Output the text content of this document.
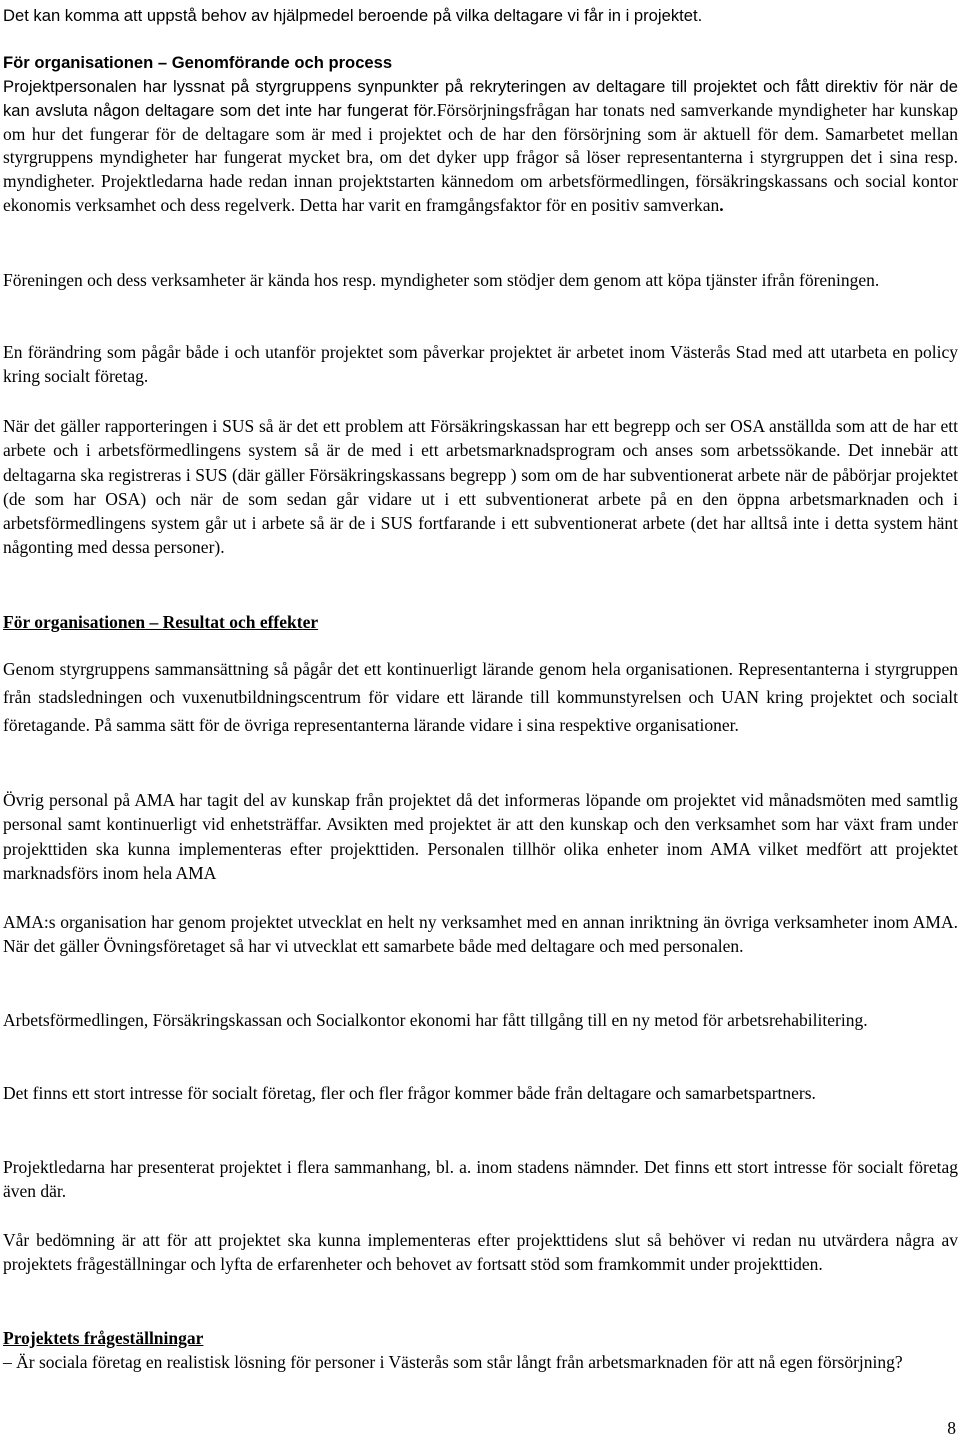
Det kan komma att uppstå behov av hjälpmedel beroende på vilka deltagare vi får in i projektet.

För organisationen – Genomförande och process

Projektpersonalen har lyssnat på styrgruppens synpunkter på rekryteringen av deltagare till projektet och fått direktiv för när de kan avsluta någon deltagare som det inte har fungerat för.Försörjningsfrågan har tonats ned samverkande myndigheter har kunskap om hur det fungerar för de deltagare som är med i projektet och de har den försörjning som är aktuell för dem. Samarbetet mellan styrgruppens myndigheter har fungerat mycket bra, om det dyker upp frågor så löser representanterna i styrgruppen det i sina resp. myndigheter. Projektledarna hade redan innan projektstarten kännedom om arbetsförmedlingen, försäkringskassans och social kontor ekonomis verksamhet och dess regelverk. Detta har varit en framgångsfaktor för en positiv samverkan.

Föreningen och dess verksamheter är kända hos resp. myndigheter som stödjer dem genom att köpa tjänster ifrån föreningen.

En förändring som pågår både i och utanför projektet som påverkar projektet är arbetet inom Västerås Stad med att utarbeta en policy kring socialt företag.

När det gäller rapporteringen i SUS så är det ett problem att Försäkringskassan har ett begrepp och ser OSA anställda som att de har ett arbete och i arbetsförmedlingens system så är de med i ett arbetsmarknadsprogram och anses som arbetssökande. Det innebär att deltagarna ska registreras i SUS (där gäller Försäkringskassans begrepp ) som om de har subventionerat arbete när de påbörjar projektet (de som har OSA) och när de som sedan går vidare ut i ett subventionerat arbete på en den öppna arbetsmarknaden och i arbetsförmedlingens system går ut i arbete så är de i SUS fortfarande i ett subventionerat arbete (det har alltså inte i detta system hänt någonting med dessa personer).

För organisationen – Resultat och effekter

Genom styrgruppens sammansättning så pågår det ett kontinuerligt lärande genom hela organisationen. Representanterna i styrgruppen från stadsledningen och vuxenutbildningscentrum för vidare ett lärande till kommunstyrelsen och UAN kring projektet och socialt företagande. På samma sätt för de övriga representanterna lärande vidare i sina respektive organisationer.

Övrig personal på AMA har tagit del av kunskap från projektet då det informeras löpande om projektet vid månadsmöten med samtlig personal samt kontinuerligt vid enhetsträffar. Avsikten med projektet är att den kunskap och den verksamhet som har växt fram under projekttiden ska kunna implementeras efter projekttiden. Personalen tillhör olika enheter inom AMA vilket medfört att projektet marknadsförs inom hela AMA

AMA:s organisation har genom projektet utvecklat en helt ny verksamhet med en annan inriktning än övriga verksamheter inom AMA. När det gäller Övningsföretaget så har vi utvecklat ett samarbete både med deltagare och med personalen.

Arbetsförmedlingen, Försäkringskassan och Socialkontor ekonomi har fått tillgång till en ny metod för arbetsrehabilitering.

Det finns ett stort intresse för socialt företag, fler och fler frågor kommer både från deltagare och samarbetspartners.

Projektledarna har presenterat projektet i flera sammanhang, bl. a. inom stadens nämnder. Det finns ett stort intresse för socialt företag även där.

Vår bedömning är att för att projektet ska kunna implementeras efter projekttidens slut så behöver vi redan nu utvärdera några av projektets frågeställningar och lyfta de erfarenheter och behovet av fortsatt stöd som framkommit under projekttiden.

Projektets frågeställningar

– Är sociala företag en realistisk lösning för personer i Västerås som står långt från arbetsmarknaden för att nå egen försörjning?

8
